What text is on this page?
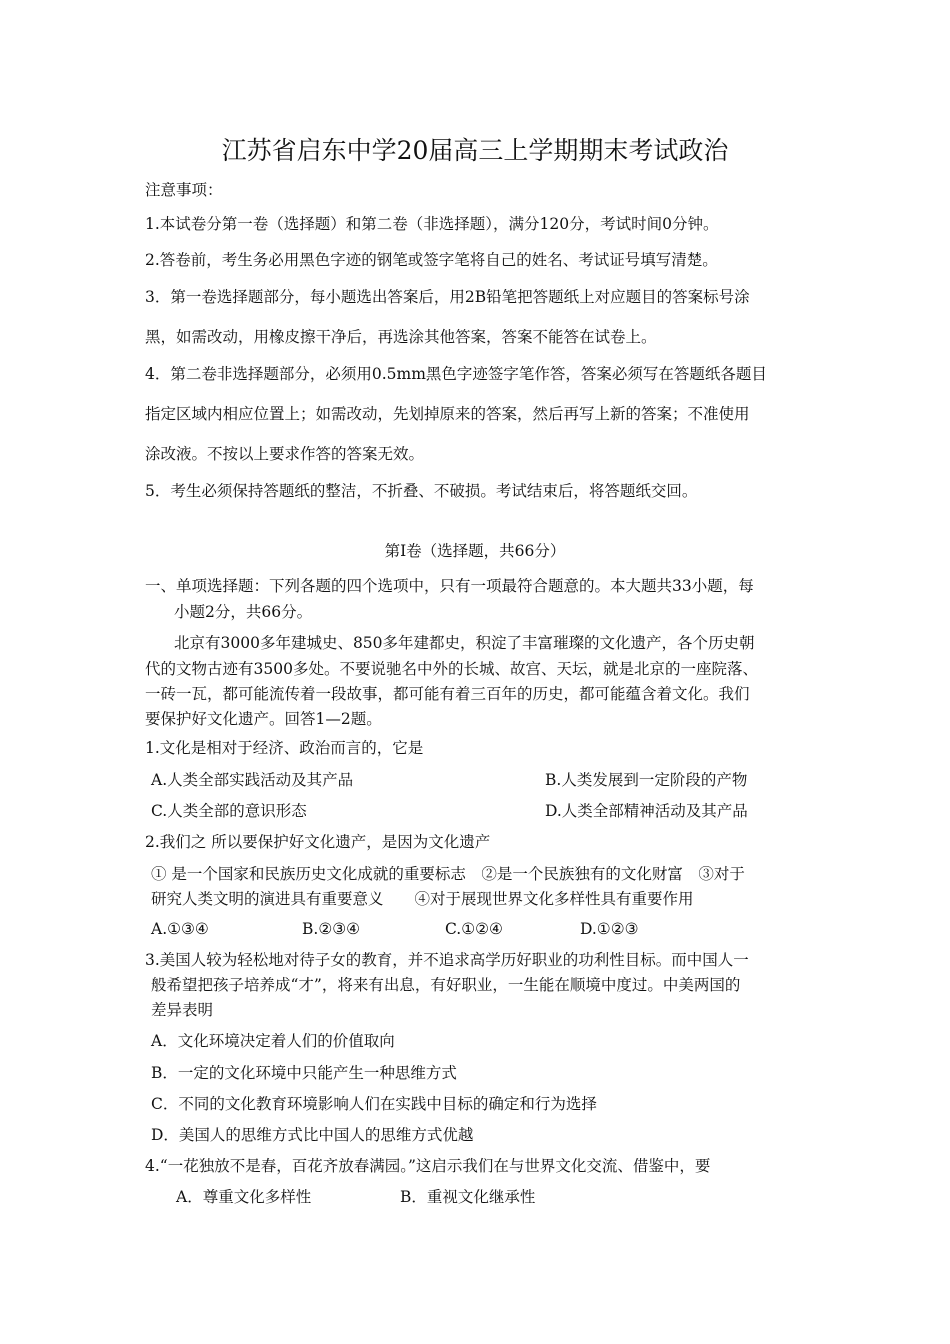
江苏省启东中学20届高三上学期期末考试政治
注意事项：
1.本试卷分第一卷（选择题）和第二卷（非选择题），满分120分，考试时间0分钟。
2.答卷前，考生务必用黑色字迹的钢笔或签字笔将自己的姓名、考试证号填写清楚。
3．第一卷选择题部分，每小题选出答案后，用2B铅笔把答题纸上对应题目的答案标号涂
黑，如需改动，用橡皮擦干净后，再选涂其他答案，答案不能答在试卷上。
4．第二卷非选择题部分，必须用0.5mm黑色字迹签字笔作答，答案必须写在答题纸各题目
指定区域内相应位置上；如需改动，先划掉原来的答案，然后再写上新的答案；不准使用
涂改液。不按以上要求作答的答案无效。
5．考生必须保持答题纸的整洁，不折叠、不破损。考试结束后，将答题纸交回。
第Ⅰ卷（选择题，共66分）
一、单项选择题：下列各题的四个选项中，只有一项最符合题意的。本大题共33小题，每
小题2分，共66分。
北京有3000多年建城史、850多年建都史，积淀了丰富璀璨的文化遗产，各个历史朝
代的文物古迹有3500多处。不要说驰名中外的长城、故宫、天坛，就是北京的一座院落、
一砖一瓦，都可能流传着一段故事，都可能有着三百年的历史，都可能蕴含着文化。我们
要保护好文化遗产。回答1—2题。
1.文化是相对于经济、政治而言的，它是
A.人类全部实践活动及其产品	B.人类发展到一定阶段的产物
C.人类全部的意识形态	D.人类全部精神活动及其产品
2.我们之 所以要保护好文化遗产，是因为文化遗产
① 是一个国家和民族历史文化成就的重要标志　②是一个民族独有的文化财富　③对于
研究人类文明的演进具有重要意义　　④对于展现世界文化多样性具有重要作用
A.①③④	B.②③④	C.①②④	D.①②③
3.美国人较为轻松地对待子女的教育，并不追求高学历好职业的功利性目标。而中国人一
般希望把孩子培养成“才”，将来有出息，有好职业，一生能在顺境中度过。中美两国的
差异表明
A．文化环境决定着人们的价值取向
B．一定的文化环境中只能产生一种思维方式
C．不同的文化教育环境影响人们在实践中目标的确定和行为选择
D．美国人的思维方式比中国人的思维方式优越
4.“一花独放不是春，百花齐放春满园。”这启示我们在与世界文化交流、借鉴中，要
A．尊重文化多样性	B．重视文化继承性
